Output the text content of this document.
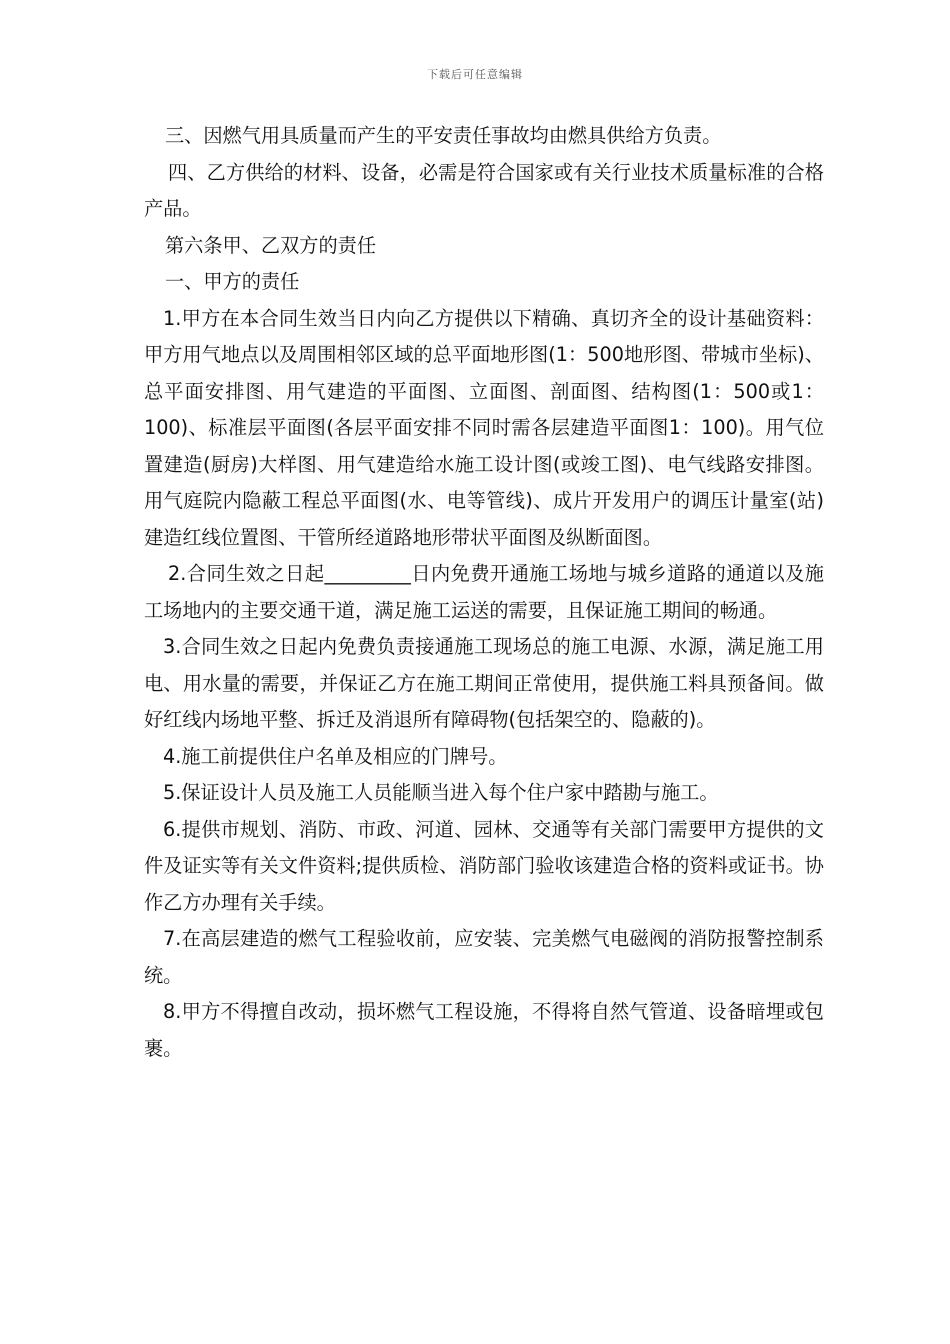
下载后可任意编辑

三、因燃气用具质量而产生的平安责任事故均由燃具供给方负责。

四、乙方供给的材料、设备，必需是符合国家或有关行业技术质量标准的合格产品。

第六条甲、乙双方的责任

一、甲方的责任

1.甲方在本合同生效当日内向乙方提供以下精确、真切齐全的设计基础资料：甲方用气地点以及周围相邻区域的总平面地形图(1：500地形图、带城市坐标)、总平面安排图、用气建造的平面图、立面图、剖面图、结构图(1：500或1：100)、标准层平面图(各层平面安排不同时需各层建造平面图1：100)。用气位置建造(厨房)大样图、用气建造给水施工设计图(或竣工图)、电气线路安排图。用气庭院内隐蔽工程总平面图(水、电等管线)、成片开发用户的调压计量室(站)建造红线位置图、干管所经道路地形带状平面图及纵断面图。

2.合同生效之日起_________日内免费开通施工场地与城乡道路的通道以及施工场地内的主要交通干道，满足施工运送的需要，且保证施工期间的畅通。

3.合同生效之日起内免费负责接通施工现场总的施工电源、水源，满足施工用电、用水量的需要，并保证乙方在施工期间正常使用，提供施工料具预备间。做好红线内场地平整、拆迁及消退所有障碍物(包括架空的、隐蔽的)。

4.施工前提供住户名单及相应的门牌号。

5.保证设计人员及施工人员能顺当进入每个住户家中踏勘与施工。

6.提供市规划、消防、市政、河道、园林、交通等有关部门需要甲方提供的文件及证实等有关文件资料;提供质检、消防部门验收该建造合格的资料或证书。协作乙方办理有关手续。

7.在高层建造的燃气工程验收前，应安装、完美燃气电磁阀的消防报警控制系统。

8.甲方不得擅自改动，损坏燃气工程设施，不得将自然气管道、设备暗埋或包裹。
